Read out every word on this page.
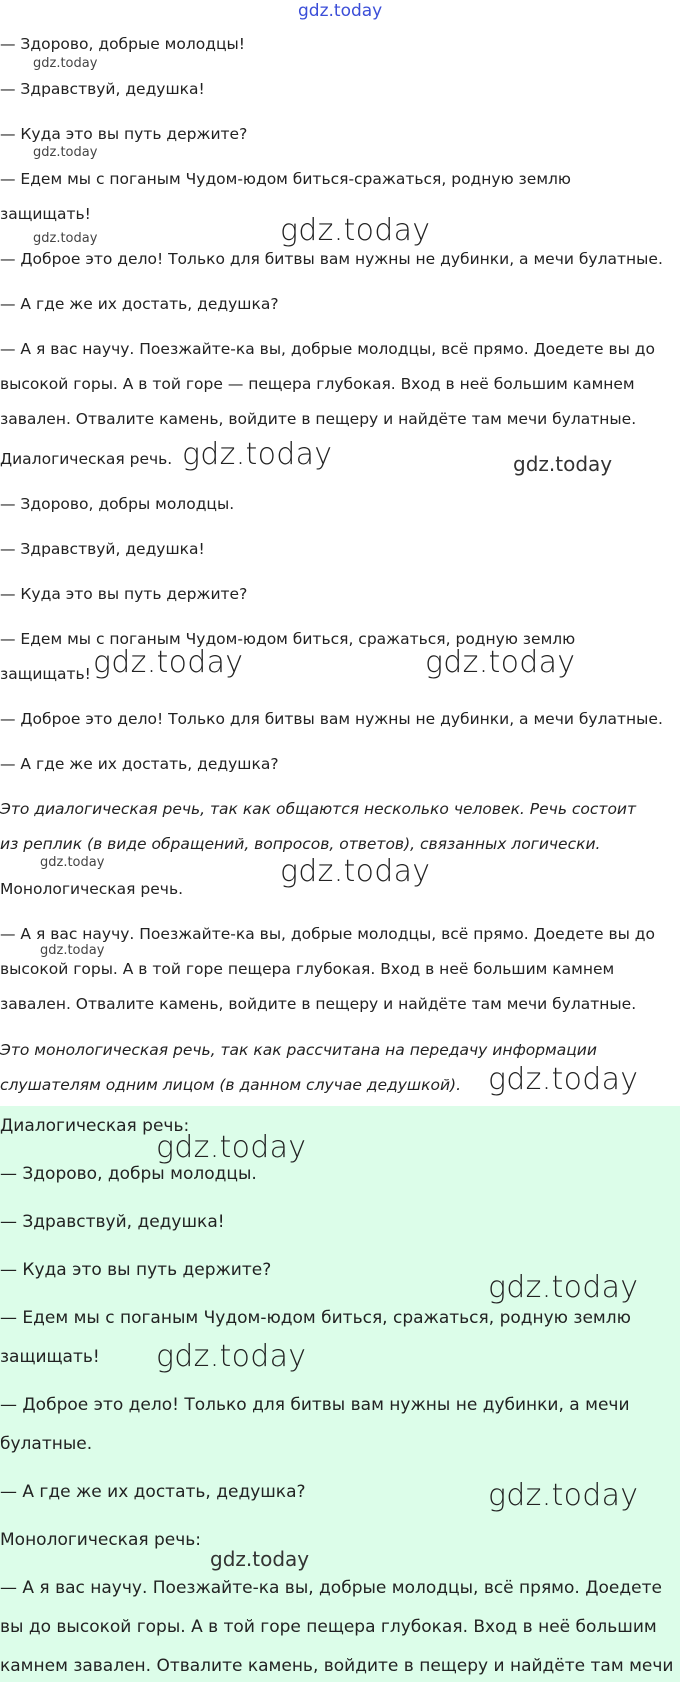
gdz.today
— Здорово, добрые молодцы!
— Здравствуй, дедушка!
— Куда это вы путь держите?
— Едем мы с поганым Чудом-юдом биться-сражаться, родную землю
защищать!
— Доброе это дело! Только для битвы вам нужны не дубинки, а мечи булатные.
— А где же их достать, дедушка?
— А я вас научу. Поезжайте-ка вы, добрые молодцы, всё прямо. Доедете вы до
высокой горы. А в той горе — пещера глубокая. Вход в неё большим камнем
завален. Отвалите камень, войдите в пещеру и найдёте там мечи булатные.
Диалогическая речь.
— Здорово, добры молодцы.
— Здравствуй, дедушка!
— Куда это вы путь держите?
— Едем мы с поганым Чудом-юдом биться, сражаться, родную землю
защищать!
— Доброе это дело! Только для битвы вам нужны не дубинки, а мечи булатные.
— А где же их достать, дедушка?
Это диалогическая речь, так как общаются несколько человек. Речь состоит
из реплик (в виде обращений, вопросов, ответов), связанных логически.
Монологическая речь.
— А я вас научу. Поезжайте-ка вы, добрые молодцы, всё прямо. Доедете вы до
высокой горы. А в той горе пещера глубокая. Вход в неё большим камнем
завален. Отвалите камень, войдите в пещеру и найдёте там мечи булатные.
Это монологическая речь, так как рассчитана на передачу информации
слушателям одним лицом (в данном случае дедушкой).
Диалогическая речь:
— Здорово, добры молодцы.
— Здравствуй, дедушка!
— Куда это вы путь держите?
— Едем мы с поганым Чудом-юдом биться, сражаться, родную землю
защищать!
— Доброе это дело! Только для битвы вам нужны не дубинки, а мечи
булатные.
— А где же их достать, дедушка?
Монологическая речь:
— А я вас научу. Поезжайте-ка вы, добрые молодцы, всё прямо. Доедете
вы до высокой горы. А в той горе пещера глубокая. Вход в неё большим
камнем завален. Отвалите камень, войдите в пещеру и найдёте там мечи
gdz.today
gdz.today
gdz.today
gdz.today
gdz.today
gdz.today
gdz.today
gdz.today
gdz.today
gdz.today	gdz.today
gdz.today
gdz.today
gdz.today
gdz.today
gdz.today
gdz.today
